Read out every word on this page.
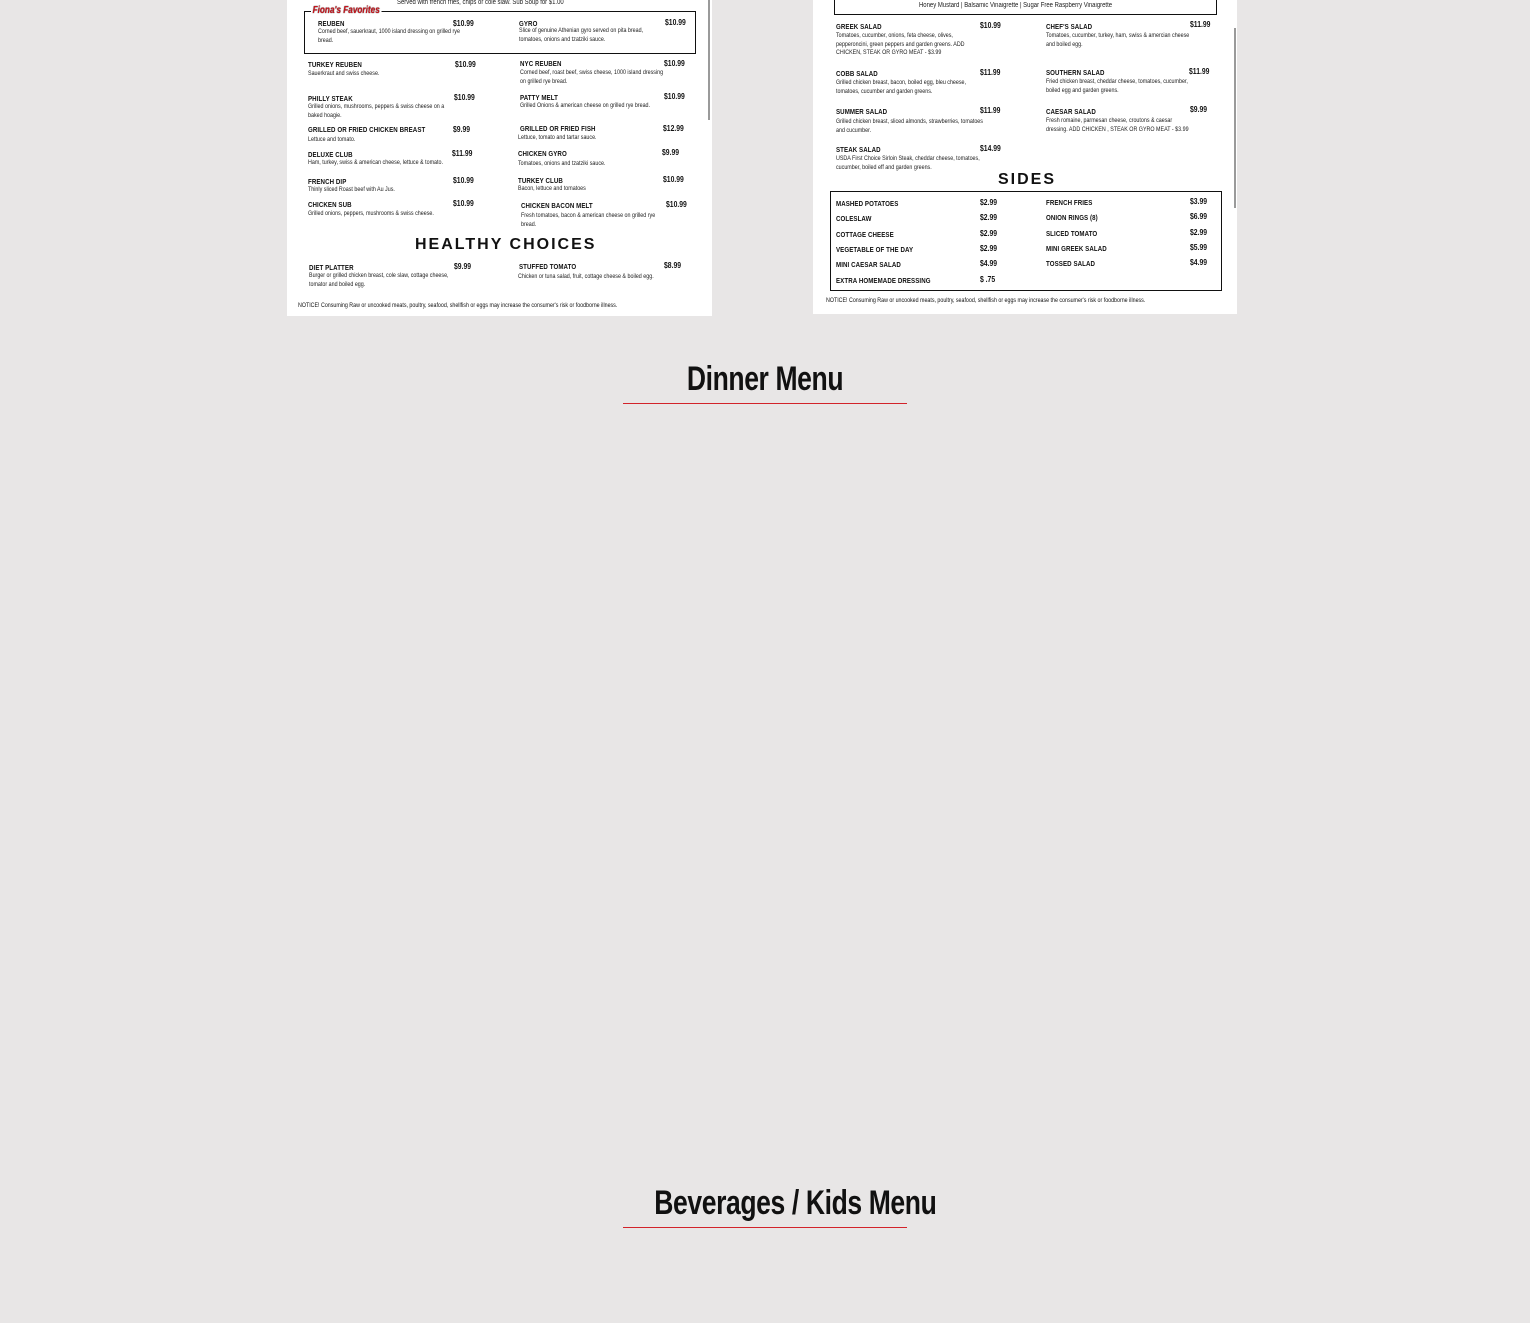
Served with french fries, chips or cole slaw. Sub Soup for $1.00
Fiona's Favorites
REUBEN	$10.99
Corned beef, sauerkraut, 1000 island dressing on grilled rye bread.
GYRO	$10.99
Slice of genuine Athenian gyro served on pita bread, tomatoes, onions and tzatziki sauce.
TURKEY REUBEN	$10.99
Sauerkraut and swiss cheese.
NYC REUBEN	$10.99
Corned beef, roast beef, swiss cheese, 1000 island dressing on grilled rye bread.
PHILLY STEAK	$10.99
Grilled onions, mushrooms, peppers & swiss cheese on a baked hoagie.
PATTY MELT	$10.99
Grilled Onions & american cheese on grilled rye bread.
GRILLED OR FRIED CHICKEN BREAST	$9.99
Lettuce and tomato.
GRILLED OR FRIED FISH	$12.99
Lettuce, tomato and tartar sauce.
DELUXE CLUB	$11.99
Ham, turkey, swiss & american cheese, lettuce & tomato.
CHICKEN GYRO	$9.99
Tomatoes, onions and tzatziki sauce.
FRENCH DIP	$10.99
Thinly sliced Roast beef with Au Jus.
TURKEY CLUB	$10.99
Bacon, lettuce and tomatoes
CHICKEN SUB	$10.99
Grilled onions, peppers, mushrooms & swiss cheese.
CHICKEN BACON MELT	$10.99
Fresh tomatoes, bacon & american cheese on grilled rye bread.
HEALTHY CHOICES
DIET PLATTER	$9.99
Burger or grilled chicken breast, cole slaw, cottage cheese, tomator and boiled egg.
STUFFED TOMATO	$8.99
Chicken or tuna salad, fruit, cottage cheese & boiled egg.
NOTICE! Consuming Raw or uncooked meats, poultry, seafood, shellfish or eggs may increase the consumer's risk or foodborne illness.
Honey Mustard | Balsamic Vinaigrette | Sugar Free Raspberry Vinaigrette
GREEK SALAD	$10.99
Tomatoes, cucumber, onions, feta cheese, olives, pepperoncini, green peppers and garden greens. ADD CHICKEN, STEAK OR GYRO MEAT - $3.99
CHEF'S SALAD	$11.99
Tomatoes, cucumber, turkey, ham, swiss & amercian cheese and boiled egg.
COBB SALAD	$11.99
Grilled chicken breast, bacon, boiled egg, bleu cheese, tomatoes, cucumber and garden greens.
SOUTHERN SALAD	$11.99
Fried chicken breast, cheddar cheese, tomatoes, cucumber, boiled egg and garden greens.
SUMMER SALAD	$11.99
Grilled chicken breast, sliced almonds, strawberries, tomatoes and cucumber.
CAESAR SALAD	$9.99
Fresh romaine, parmesan cheese, croutons & caesar dressing. ADD CHICKEN , STEAK OR GYRO MEAT - $3.99
STEAK SALAD	$14.99
USDA First Choice Sirloin Steak, cheddar cheese, tomatoes, cucumber, boiled eff and garden greens.
SIDES
MASHED POTATOES	$2.99
COLESLAW	$2.99
COTTAGE CHEESE	$2.99
VEGETABLE OF THE DAY	$2.99
MINI CAESAR SALAD	$4.99
EXTRA HOMEMADE DRESSING	$ .75
FRENCH FRIES	$3.99
ONION RINGS (8)	$6.99
SLICED TOMATO	$2.99
MINI GREEK SALAD	$5.99
TOSSED SALAD	$4.99
NOTICE! Consuming Raw or uncooked meats, poultry, seafood, shellfish or eggs may increase the consumer's risk or foodborne illness.
Dinner Menu
Beverages / Kids Menu
